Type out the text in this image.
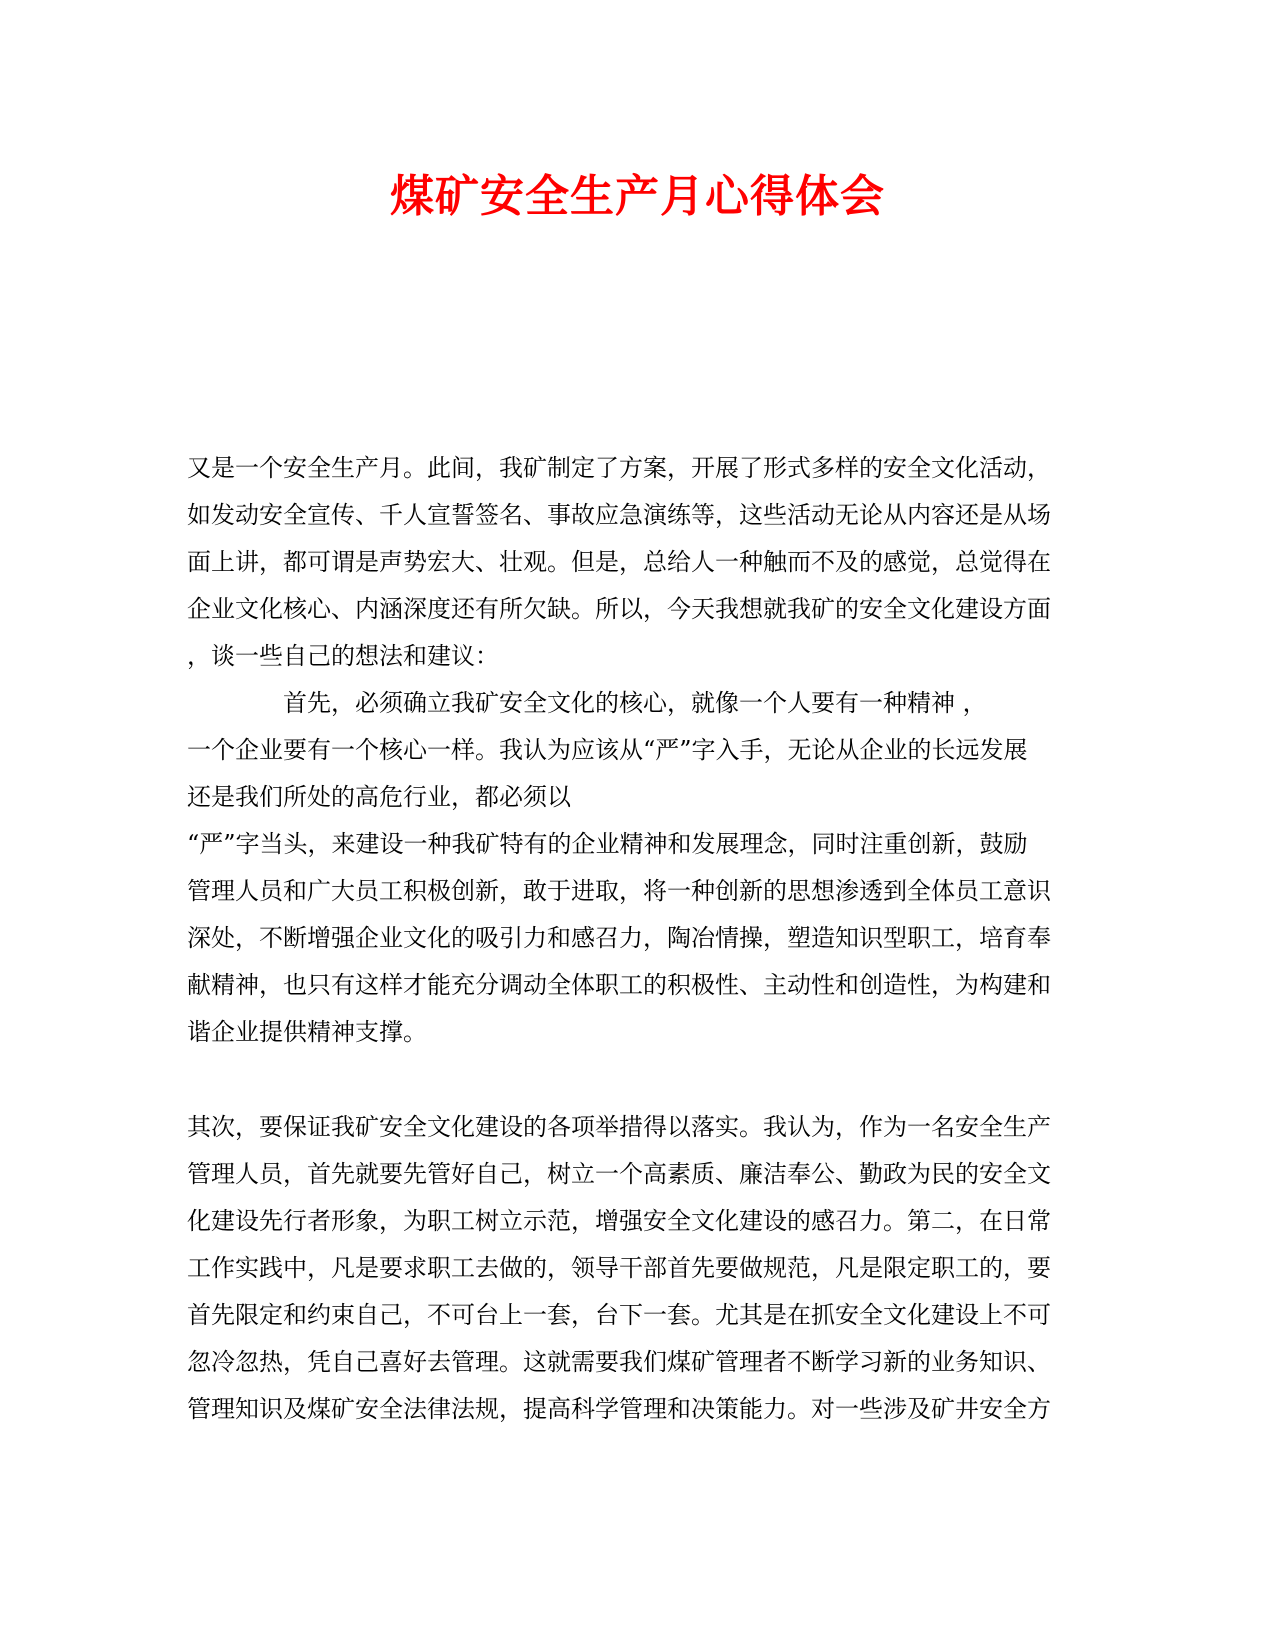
煤矿安全生产月心得体会

又是一个安全生产月。此间，我矿制定了方案，开展了形式多样的安全文化活动，

如发动安全宣传、千人宣誓签名、事故应急演练等，这些活动无论从内容还是从场

面上讲，都可谓是声势宏大、壮观。但是，总给人一种触而不及的感觉，总觉得在

企业文化核心、内涵深度还有所欠缺。所以，今天我想就我矿的安全文化建设方面

，谈一些自己的想法和建议：

首先，必须确立我矿安全文化的核心，就像一个人要有一种精神 ，

一个企业要有一个核心一样。我认为应该从“严”字入手，无论从企业的长远发展

还是我们所处的高危行业，都必须以

“严”字当头，来建设一种我矿特有的企业精神和发展理念，同时注重创新，鼓励

管理人员和广大员工积极创新，敢于进取，将一种创新的思想渗透到全体员工意识

深处，不断增强企业文化的吸引力和感召力，陶冶情操，塑造知识型职工，培育奉

献精神，也只有这样才能充分调动全体职工的积极性、主动性和创造性，为构建和

谐企业提供精神支撑。

其次，要保证我矿安全文化建设的各项举措得以落实。我认为，作为一名安全生产

管理人员，首先就要先管好自己，树立一个高素质、廉洁奉公、勤政为民的安全文

化建设先行者形象，为职工树立示范，增强安全文化建设的感召力。第二，在日常

工作实践中，凡是要求职工去做的，领导干部首先要做规范，凡是限定职工的，要

首先限定和约束自己，不可台上一套，台下一套。尤其是在抓安全文化建设上不可

忽冷忽热，凭自己喜好去管理。这就需要我们煤矿管理者不断学习新的业务知识、

管理知识及煤矿安全法律法规，提高科学管理和决策能力。对一些涉及矿井安全方
